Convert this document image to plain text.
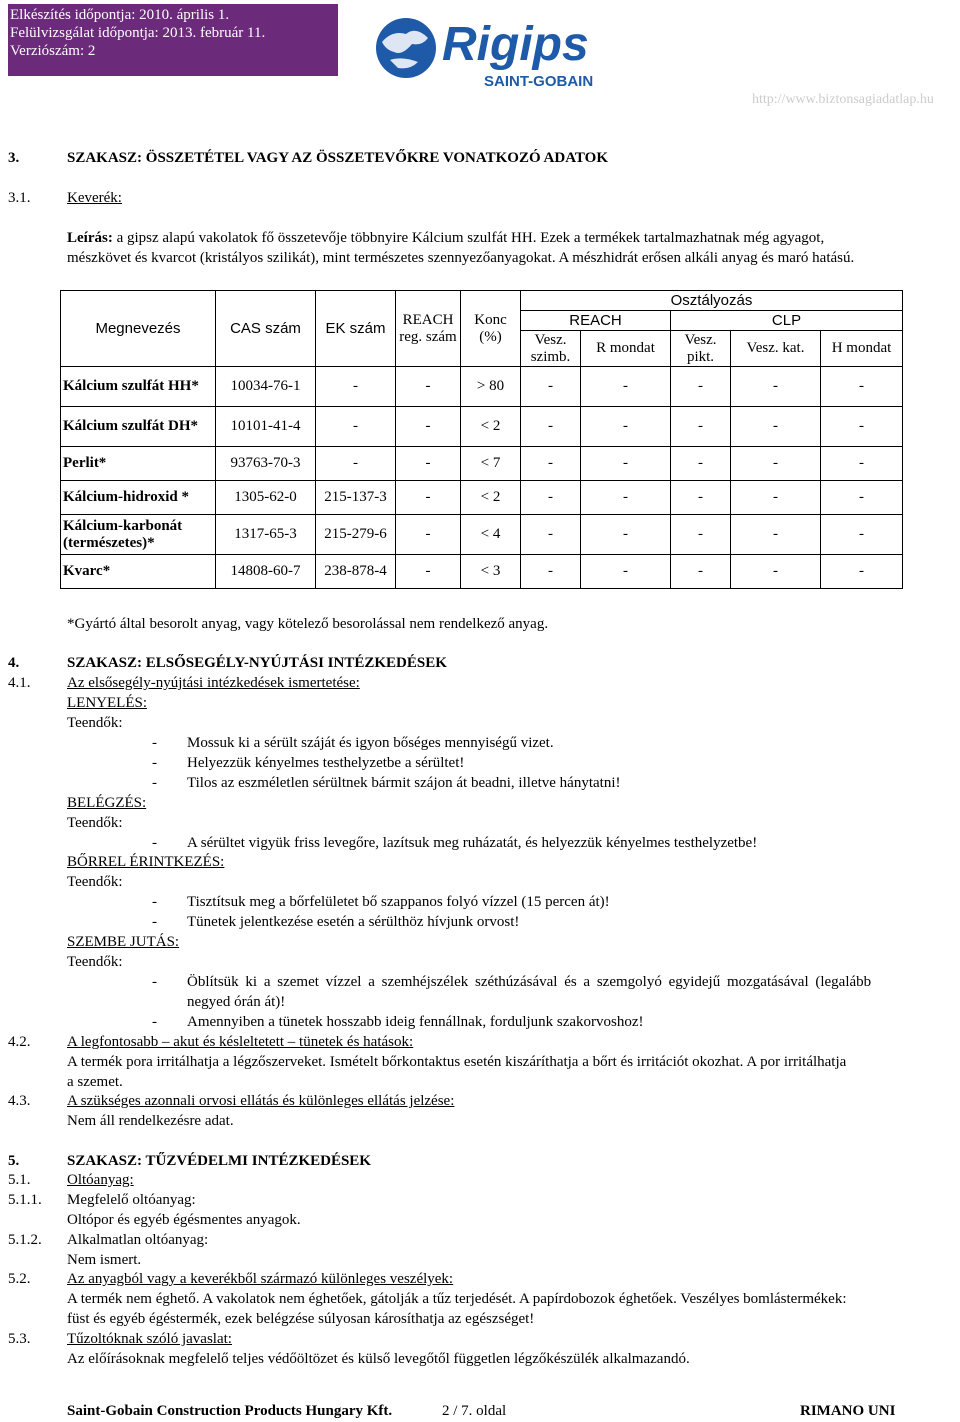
Elkészítés időpontja: 2010. április 1.
Felülvizsgálat időpontja: 2013. február 11.
Verziószám: 2	Rigips
SAINT-GOBAIN
http://www.biztonsagiadatlap.hu
3.	SZAKASZ: ÖSSZETÉTEL VAGY AZ ÖSSZETEVŐKRE VONATKOZÓ ADATOK
3.1. Keverék:
Leírás: a gipsz alapú vakolatok fő összetevője többnyire Kálcium szulfát HH. Ezek a termékek tartalmazhatnak még agyagot,
mészkövet és kvarcot (kristályos szilikát), mint természetes szennyezőanyagokat. A mészhidrát erősen alkáli anyag és maró hatású.
Megnevezés	CAS szám	EK szám	REACH reg. szám	Konc (%)	Osztályozás				
					REACH		CLP		
					Vesz. szimb.	R mondat	Vesz. pikt.	Vesz. kat.	H mondat
Kálcium szulfát HH*	10034-76-1	-	-	> 80	-	-	-	-	-
Kálcium szulfát DH*	10101-41-4	-	-	< 2	-	-	-	-	-
Perlit*	93763-70-3	-	-	< 7	-	-	-	-	-
Kálcium-hidroxid *	1305-62-0	215-137-3	-	< 2	-	-	-	-	-
Kálcium-karbonát (természetes)*	1317-65-3	215-279-6	-	< 4	-	-	-	-	-
Kvarc*	14808-60-7	238-878-4	-	< 3	-	-	-	-	-
*Gyártó által besorolt anyag, vagy kötelező besorolással nem rendelkező anyag.
4.	SZAKASZ: ELSŐSEGÉLY-NYÚJTÁSI INTÉZKEDÉSEK
4.1. Az elsősegély-nyújtási intézkedések ismertetése:
LENYELÉS:
Teendők:
- Mossuk ki a sérült száját és igyon bőséges mennyiségű vizet.
- Helyezzük kényelmes testhelyzetbe a sérültet!
- Tilos az eszméletlen sérültnek bármit szájon át beadni, illetve hánytatni!
BELÉGZÉS:
Teendők:
- A sérültet vigyük friss levegőre, lazítsuk meg ruházatát, és helyezzük kényelmes testhelyzetbe!
BŐRREL ÉRINTKEZÉS:
Teendők:
- Tisztítsuk meg a bőrfelületet bő szappanos folyó vízzel (15 percen át)!
- Tünetek jelentkezése esetén a sérülthöz hívjunk orvost!
SZEMBE JUTÁS:
Teendők:
- Öblítsük ki a szemet vízzel a szemhéjszélek széthúzásával és a szemgolyó egyidejű mozgatásával (legalább
negyed órán át)!
- Amennyiben a tünetek hosszabb ideig fennállnak, forduljunk szakorvoshoz!
4.2. A legfontosabb – akut és késleltetett – tünetek és hatások:
A termék pora irritálhatja a légzőszerveket. Ismételt bőrkontaktus esetén kiszáríthatja a bőrt és irritációt okozhat. A por irritálhatja
a szemet.
4.3. A szükséges azonnali orvosi ellátás és különleges ellátás jelzése:
Nem áll rendelkezésre adat.
5.	SZAKASZ: TŰZVÉDELMI INTÉZKEDÉSEK
5.1. Oltóanyag:
5.1.1. Megfelelő oltóanyag:
Oltópor és egyéb égésmentes anyagok.
5.1.2. Alkalmatlan oltóanyag:
Nem ismert.
5.2. Az anyagból vagy a keverékből származó különleges veszélyek:
A termék nem éghető. A vakolatok nem éghetőek, gátolják a tűz terjedését. A papírdobozok éghetőek. Veszélyes bomlástermékek:
füst és egyéb égéstermék, ezek belégzése súlyosan károsíthatja az egészséget!
5.3. Tűzoltóknak szóló javaslat:
Az előírásoknak megfelelő teljes védőöltözet és külső levegőtől független légzőkészülék alkalmazandó.
Saint-Gobain Construction Products Hungary Kft.	2 / 7. oldal	RIMANO UNI
